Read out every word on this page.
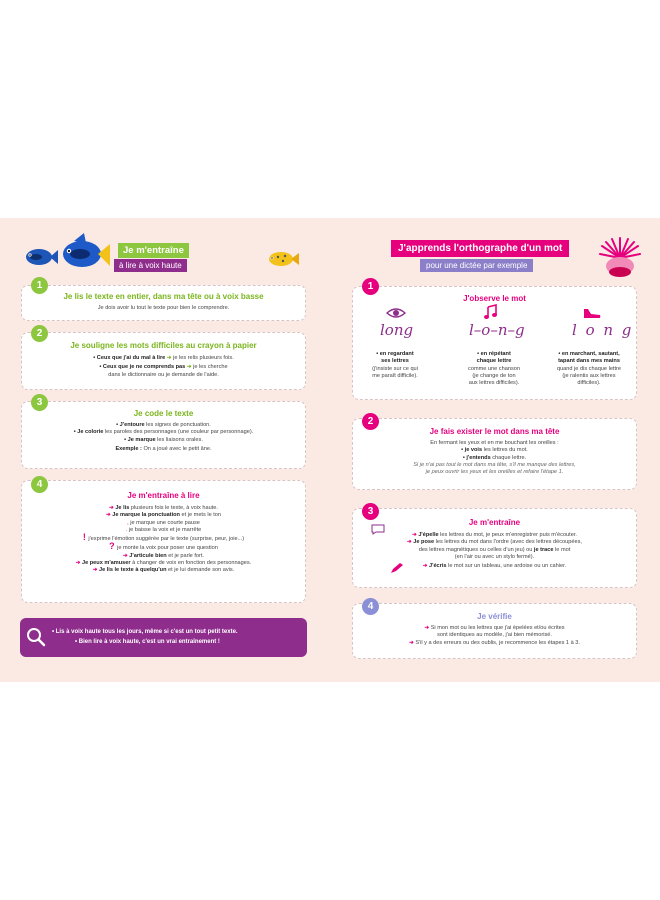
Je m'entraîne
à lire à voix haute
Je lis le texte en entier, dans ma tête ou à voix basse
Je dois avoir lu tout le texte pour bien le comprendre.
1
Je souligne les mots difficiles au crayon à papier
• Ceux que j'ai du mal à lire ➔ je les relis plusieurs fois.
• Ceux que je ne comprends pas ➔ je les cherche
dans le dictionnaire ou je demande de l'aide.
2
Je code le texte
• J'entoure les signes de ponctuation.
• Je colorie les paroles des personnages (une couleur par personnage).
• Je marque les liaisons orales.
Exemple : On a joué avec le petit âne.
3
Je m'entraîne à lire
➔ Je lis plusieurs fois le texte, à voix haute.
➔ Je marque la ponctuation et je mets le ton
, je marque une courte pause
. je baisse la voix et je marrête
! j'exprime l'émotion suggérée par le texte (surprise, peur, joie...)
? je monte la voix pour poser une question
➔ J'articule bien et je parle fort.
➔ Je peux m'amuser à changer de voix en fonction des personnages.
➔ Je lis le texte à quelqu'un et je lui demande son avis.
4
• Lis à voix haute tous les jours, même si c'est un tout petit texte.
• Bien lire à voix haute, c'est un vrai entraînement !
J'apprends l'orthographe d'un mot
pour une dictée par exemple
J'observe le mot
1
long	l–o–n–g	l o n g
• en regardant
ses lettres
(j'insiste sur ce qui
me paraît difficile).
• en répétant
chaque lettre
comme une chanson
(je change de ton
aux lettres difficiles).
• en marchant, sautant,
tapant dans mes mains
quand je dis chaque lettre
(je ralentis aux lettres
difficiles).
Je fais exister le mot dans ma tête
En fermant les yeux et en me bouchant les oreilles :
• je vois les lettres du mot.
• j'entends chaque lettre.
Si je n'ai pas tout le mot dans ma tête, s'il me manque des lettres,
je peux ouvrir les yeux et les oreilles et refaire l'étape 1.
2
Je m'entraîne
➔ J'épelle les lettres du mot, je peux m'enregistrer puis m'écouter.
➔ Je pose les lettres du mot dans l'ordre (avec des lettres découpées,
des lettres magnétiques ou celles d'un jeu) ou je trace le mot
(en l'air ou avec un stylo fermé).
➔ J'écris le mot sur un tableau, une ardoise ou un cahier.
3
Je vérifie
➔ Si mon mot ou les lettres que j'ai épelées et/ou écrites
sont identiques au modèle, j'ai bien mémorisé.
➔ S'il y a des erreurs ou des oublis, je recommence les étapes 1 à 3.
4
